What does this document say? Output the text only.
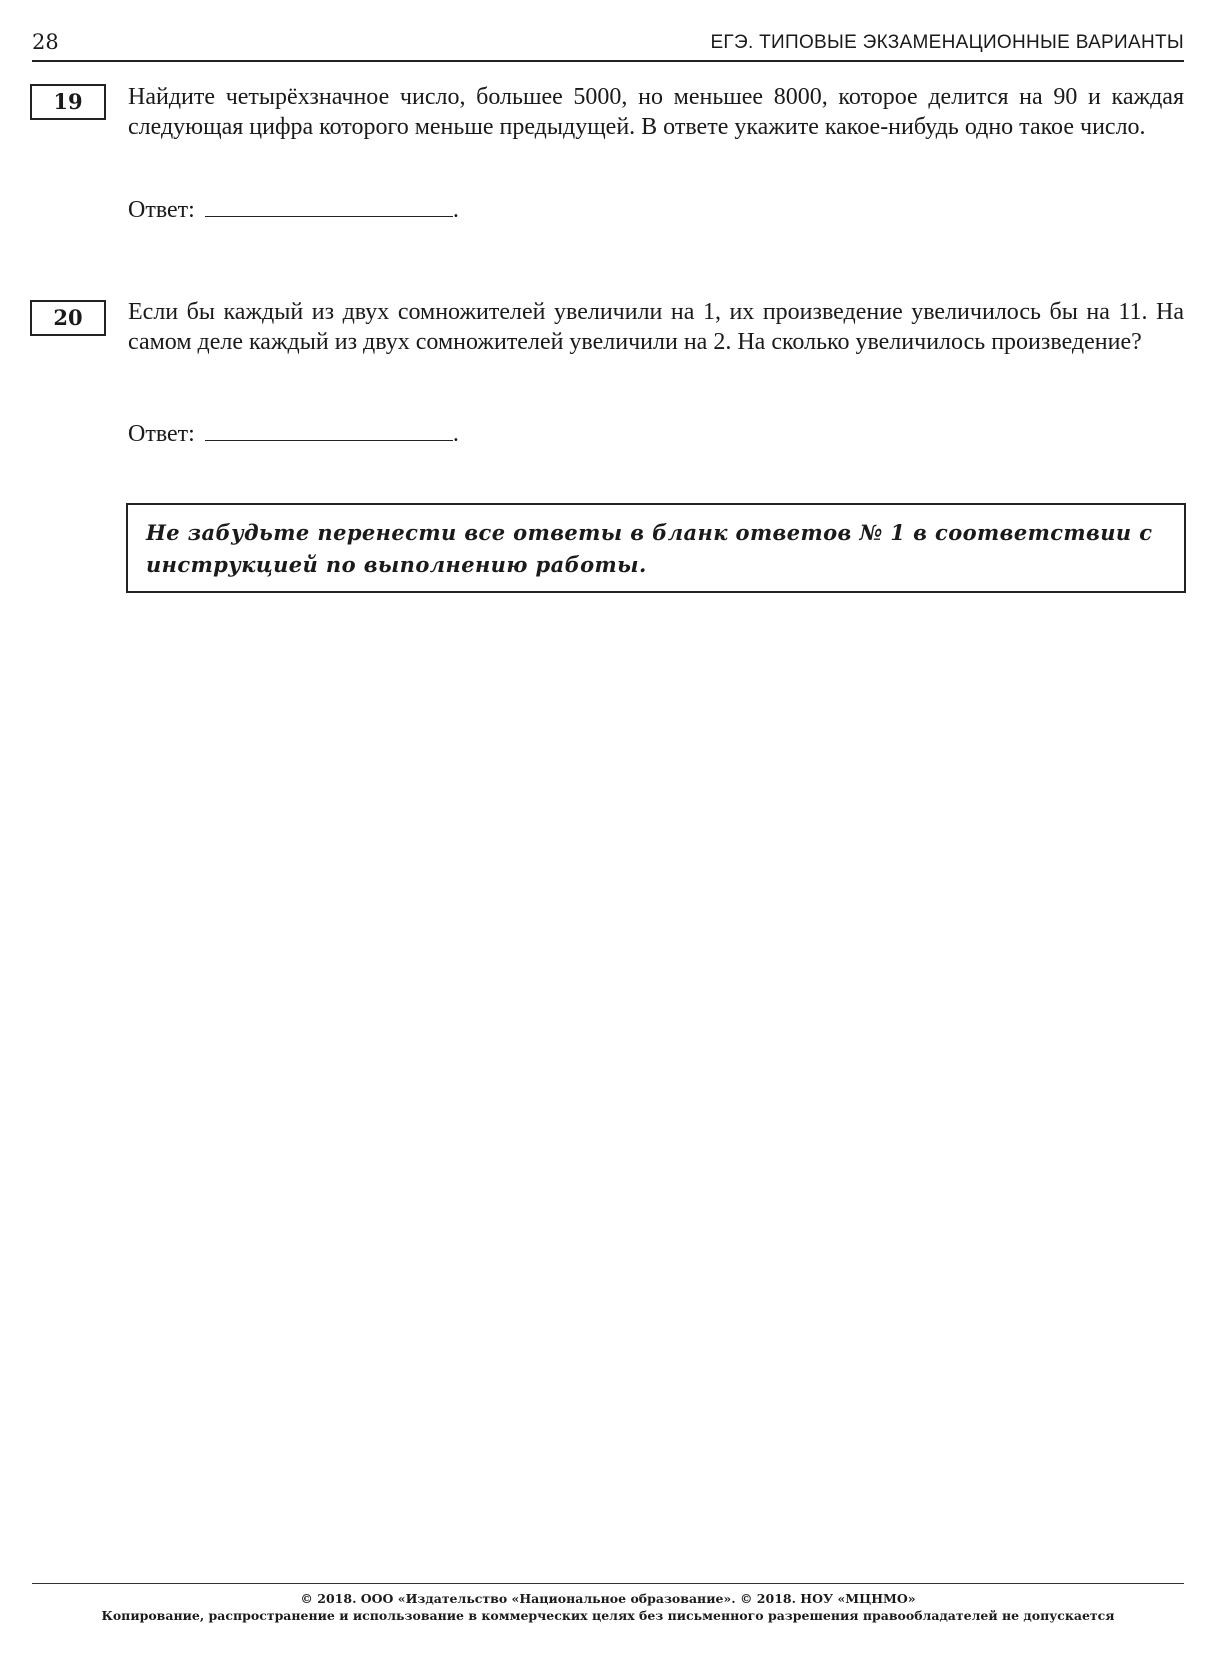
28	ЕГЭ. ТИПОВЫЕ ЭКЗАМЕНАЦИОННЫЕ ВАРИАНТЫ
19	Найдите четырёхзначное число, большее 5000, но меньшее 8000, которое делится на 90 и каждая следующая цифра которого меньше предыдущей. В ответе укажите какое-нибудь одно такое число.
Ответ:	.
20	Если бы каждый из двух сомножителей увеличили на 1, их произведение увеличилось бы на 11. На самом деле каждый из двух сомножителей увеличили на 2. На сколько увеличилось произведение?
Ответ:	.
Не забудьте перенести все ответы в бланк ответов № 1 в соответствии с инструкцией по выполнению работы.
© 2018. ООО «Издательство «Национальное образование». © 2018. НОУ «МЦНМО»
Копирование, распространение и использование в коммерческих целях без письменного разрешения правообладателей не допускается
